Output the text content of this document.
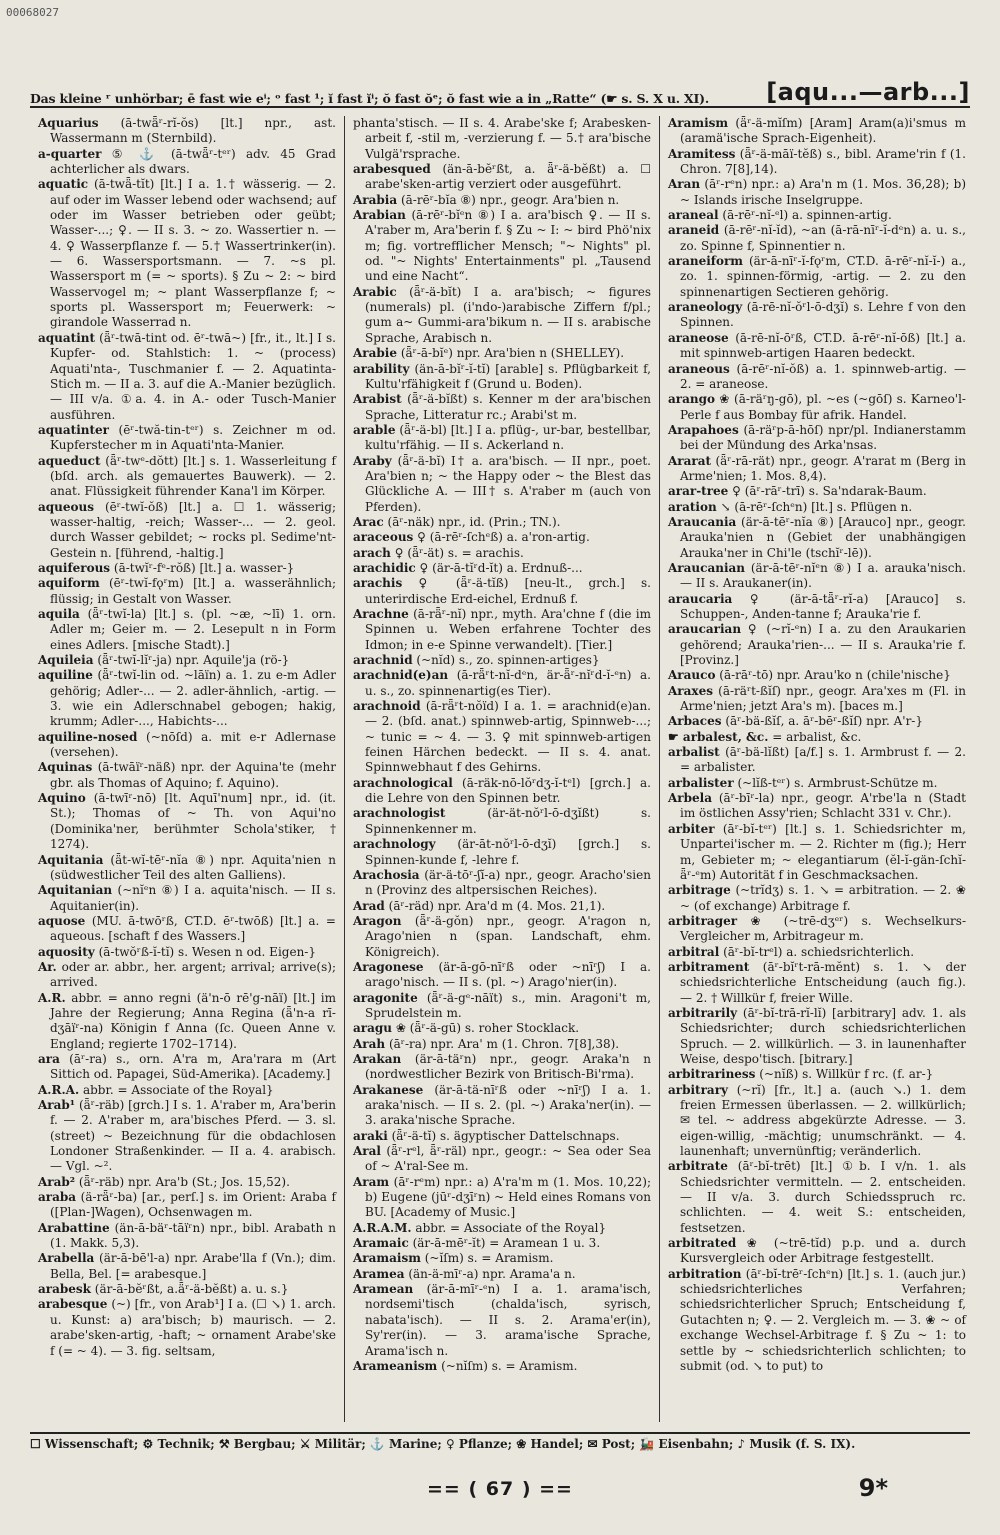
00068027
Das kleine ʳ unhörbar; ē fast wie eⁱ; ᵒ fast ¹; ĭ fast ĭⁱ; ŏ fast ŏᵉ; ŏ fast wie a in „Ratte“ (☛ s. S. X u. XI).	[aqu...—arb...]

Aquarius (ā-twǟʳ-rĭ-ŏs) [lt.] npr., ast. Wassermann m (Sternbild).

a-quarter ⑤ ⚓ (ā-twǟʳ-tᵉʳ) adv. 45 Grad achterlicher als dwars.

aquatic (ā-twǟ-tĭt) [lt.] I a. 1.† wässerig. — 2. auf oder im Wasser lebend oder wachsend; auf oder im Wasser betrieben oder geübt; Wasser-...; ♀. — II s. 3. ~ zo. Wassertier n. — 4. ♀ Wasserpflanze f. — 5.† Wassertrinker(in). — 6. Wassersportsmann. — 7. ~s pl. Wassersport m (= ~ sports). § Zu ~ 2: ~ bird Wasservogel m; ~ plant Wasserpflanze f; ~ sports pl. Wassersport m; Feuerwerk: ~ girandole Wasserrad n.

aquatint (ǟʳ-twā-tint od. ēʳ-twā~) [fr., it., lt.] I s. Kupfer- od. Stahlstich: 1. ~ (process) Aquati'nta-, Tuschmanier f. — 2. Aquatinta-Stich m. — II a. 3. auf die A.-Manier bezüglich. — III v/a. ①a. 4. in A.- oder Tusch-Manier ausführen.

aquatinter (ēʳ-twă-tin-tᵉʳ) s. Zeichner m od. Kupferstecher m in Aquati'nta-Manier.

aqueduct (ǟʳ-twᵉ-dŏtt) [lt.] s. 1. Wasserleitung f (bſd. arch. als gemauertes Bauwerk). — 2. anat. Flüssigkeit führender Kana'l im Körper.

aqueous (ēʳ-twĭ-ŏß) [lt.] a. ☐ 1. wässerig; wasser-haltig, -reich; Wasser-... — 2. geol. durch Wasser gebildet; ~ rocks pl. Sedime'nt-Gestein n. [führend, -haltig.]

aquiferous (ā-twĭʳ-fᵉ-rŏß) [lt.] a. wasser-}

aquiform (ēʳ-twĭ-fǫʳm) [lt.] a. wasserähnlich; flüssig; in Gestalt von Wasser.

aquila (ǟʳ-twĭ-la) [lt.] s. (pl. ~æ, ~lī) 1. orn. Adler m; Geier m. — 2. Lesepult n in Form eines Adlers. [mische Stadt).]

Aquileia (ǟʳ-twĭ-lĭʳ-ja) npr. Aquile'ja (rö-}

aquiline (ǟʳ-twĭ-lin od. ~lāïn) a. 1. zu e-m Adler gehörig; Adler-... — 2. adler-ähnlich, -artig. — 3. wie ein Adlerschnabel gebogen; hakig, krumm; Adler-..., Habichts-...

aquiline-nosed (~nōſd) a. mit e-r Adlernase (versehen).

Aquinas (ā-twāïʳ-näß) npr. der Aquina'te (mehr gbr. als Thomas of Aquino; f. Aquino).

Aquino (ā-twīʳ-nō) [lt. Aquī'num] npr., id. (it. St.); Thomas of ~ Th. von Aqui'no (Dominika'ner, berühmter Schola'stiker, † 1274).

Aquitania (ǟt-wĭ-tēʳ-nĭa ⑧) npr. Aquita'nien n (südwestlicher Teil des alten Galliens).

Aquitanian (~nĭᵉn ⑧) I a. aquita'nisch. — II s. Aquitanier(in).

aquose (MU. ā-twōʳß, CT.D. ēʳ-twōß) [lt.] a. = aqueous. [schaft f des Wassers.]

aquosity (ā-twŏʳß-ĭ-tĭ) s. Wesen n od. Eigen-}

Ar. oder ar. abbr., her. argent; arrival; arrive(s); arrived.

A.R. abbr. = anno regni (ä'n-ō rē'g-nāï) [lt.] im Jahre der Regierung; Anna Regina (ǟ'n-a rī-dʒāïʳ-na) Königin f Anna (ſc. Queen Anne v. England; regierte 1702–1714).

ara (āʳ-ra) s., orn. A'ra m, Ara'rara m (Art Sittich od. Papagei, Süd-Amerika). [Academy.]

A.R.A. abbr. = Associate of the Royal}

Arab¹ (ǟʳ-räb) [grch.] I s. 1. A'raber m, Ara'berin f. — 2. A'raber m, ara'bisches Pferd. — 3. sl. (street) ~ Bezeichnung für die obdachlosen Londoner Straßenkinder. — II a. 4. arabisch. — Vgl. ~².

Arab² (ǟʳ-räb) npr. Ara'b (St.; Jos. 15,52).

araba (ä-rǟʳ-ba) [ar., perſ.] s. im Orient: Araba f ([Plan-]Wagen), Ochsenwagen m.

Arabattine (än-ā-bäʳ-tāïʳn) npr., bibl. Arabath n (1. Makk. 5,3).

Arabella (är-ā-bē'l-a) npr. Arabe'lla f (Vn.); dim. Bella, Bel. [= arabesque.]

arabesk (är-ā-bĕʳßt, a.ǟʳ-ä-bĕßt) a. u. s.}

arabesque (~) [fr., von Arab¹] I a. (☐ ↘) 1. arch. u. Kunst: a) ara'bisch; b) maurisch. — 2. arabe'sken-artig, -haft; ~ ornament Arabe'ske f (= ~ 4). — 3. fig. seltsam,

phanta'stisch. — II s. 4. Arabe'ske f; Arabesken-arbeit f, -stil m, -verzierung f. — 5.† ara'bische Vulgä'rsprache.

arabesqued (än-ā-bĕʳßt, a. ǟʳ-ä-bĕßt) a. ☐ arabe'sken-artig verziert oder ausgeführt.

Arabia (ā-rēʳ-bĭa ⑧) npr., geogr. Ara'bien n.

Arabian (ā-rēʳ-bĭᵉn ⑧) I a. ara'bisch ♀. — II s. A'raber m, Ara'berin f. § Zu ~ I: ~ bird Phö'nix m; fig. vortrefflicher Mensch; "~ Nights" pl. od. "~ Nights' Entertainments" pl. „Tausend und eine Nacht“.

Arabic (ǟʳ-ä-bĭt) I a. ara'bisch; ~ figures (numerals) pl. (i'ndo-)arabische Ziffern f/pl.; gum a~ Gummi-ara'bikum n. — II s. arabische Sprache, Arabisch n.

Arabie (ǟʳ-ā-bĭᵉ) npr. Ara'bien n (SHELLEY).

arability (än-ā-bĭʳ-ĭ-tĭ) [arable] s. Pflügbarkeit f, Kultu'rfähigkeit f (Grund u. Boden).

Arabist (ǟʳ-ä-bĭßt) s. Kenner m der ara'bischen Sprache, Litteratur rc.; Arabi'st m.

arable (ǟʳ-ä-bl) [lt.] I a. pflüg-, ur-bar, bestellbar, kultu'rfähig. — II s. Ackerland n.

Araby (ǟʳ-ä-bĭ) I† a. ara'bisch. — II npr., poet. Ara'bien n; ~ the Happy oder ~ the Blest das Glückliche A. — III† s. A'raber m (auch von Pferden).

Arac (āʳ-näk) npr., id. (Prin.; TN.).

araceous ♀ (ā-rēʳ-ſchᵉß) a. a'ron-artig.

arach ♀ (ǟʳ-ät) s. = arachis.

arachidic ♀ (är-ā-tĭʳd-ĭt) a. Erdnuß-...

arachis ♀ (ǟʳ-ä-tĭß) [neu-lt., grch.] s. unterirdische Erd-eichel, Erdnuß f.

Arachne (ā-rǟʳ-nĭ) npr., myth. Ara'chne f (die im Spinnen u. Weben erfahrene Tochter des Idmon; in e-e Spinne verwandelt). [Tier.]

arachnid (~nĭd) s., zo. spinnen-artiges}

arachnid(e)an (ā-rǟʳt-nĭ-dᵉn, är-ǟʳ-nĭʳd-ĭ-ᵉn) a. u. s., zo. spinnenartig(es Tier).

arachnoid (ā-rǟʳt-nŏïd) I a. 1. = arachnid(e)an. — 2. (bſd. anat.) spinnweb-artig, Spinnweb-...; ~ tunic = ~ 4. — 3. ♀ mit spinnweb-artigen feinen Härchen bedeckt. — II s. 4. anat. Spinnwebhaut f des Gehirns.

arachnological (ā-räk-nō-lŏʳdʒ-ĭ-tᵉl) [grch.] a. die Lehre von den Spinnen betr.

arachnologist	(är-ät-nŏʳl-ō-dʒĭßt) s. Spinnenkenner m.

arachnology (är-āt-nŏʳl-ō-dʒĭ) [grch.] s. Spinnen-kunde f, -lehre f.

Arachosia (är-ä-tōʳ-ʃĭ-a) npr., geogr. Aracho'sien n (Provinz des altpersischen Reiches).

Arad (āʳ-räd) npr. Ara'd m (4. Mos. 21,1).

Aragon (ǟʳ-ä-gŏn) npr., geogr. A'ragon n, Arago'nien n (span. Landschaft, ehm. Königreich).

Aragonese (är-ā-gō-nīʳß oder ~nīʳʃ) I a. arago'nisch. — II s. (pl. ~) Arago'nier(in).

aragonite (ǟʳ-ä-gᵉ-nāït) s., min. Aragoni't m, Sprudelstein m.

aragu ❀ (ǟʳ-ä-gū) s. roher Stocklack.

Arah (āʳ-ra) npr. Ara' m (1. Chron. 7[8],38).

Arakan (är-ā-täʳn) npr., geogr. Araka'n n (nordwestlicher Bezirk von Britisch-Bi'rma).

Arakanese (är-ā-tä-nīʳß oder ~nīʳʃ) I a. 1. araka'nisch. — II s. 2. (pl. ~) Araka'ner(in). — 3. araka'nische Sprache.

araki (ǟʳ-ä-tĭ) s. ägyptischer Dattelschnaps.

Aral (ǟʳ-rᵉl, ǟʳ-räl) npr., geogr.: ~ Sea oder Sea of ~ A'ral-See m.

Aram (āʳ-rᵉm) npr.: a) A'ra'm m (1. Mos. 10,22); b) Eugene (jūʳ-dʒīʳn) ~ Held eines Romans von BU. [Academy of Music.]

A.R.A.M. abbr. = Associate of the Royal}

Aramaic (är-ā-mēʳ-ĭt) = Aramean 1 u. 3.

Aramaism (~ĭſm) s. = Aramism.

Aramea (än-ä-mīʳ-a) npr. Arama'a n.

Aramean (är-ā-mīʳ-ᵉn) I a. 1. arama'isch, nordsemi'tisch (chalda'isch, syrisch, nabata'isch). — II s. 2. Arama'er(in), Sy'rer(in). — 3. arama'ische Sprache, Arama'isch n.

Arameanism (~nĭſm) s. = Aramism.

Aramism (ǟʳ-ä-mĭſm) [Aram] Aram(a)i'smus m (aramä'ische Sprach-Eigenheit).

Aramitess (ǟʳ-ä-māï-tĕß) s., bibl. Arame'rin f (1. Chron. 7[8],14).

Aran (āʳ-rᵉn) npr.: a) Ara'n m (1. Mos. 36,28); b) ~ Islands irische Inselgruppe.

araneal (ā-rēʳ-nĭ-ᵉl) a. spinnen-artig.

araneid (ā-rēʳ-nĭ-ĭd), ~an (ā-rā-nīʳ-ĭ-dᵉn) a. u. s., zo. Spinne f, Spinnentier n.

araneiform (är-ā-nīʳ-ĭ-fǫʳm, CT.D. ā-rēʳ-nĭ-ĭ-) a., zo. 1. spinnen-förmig, -artig. — 2. zu den spinnenartigen Sectieren gehörig.

araneology (ā-rē-nĭ-ŏʳl-ō-dʒĭ) s. Lehre f von den Spinnen.

araneose (ā-rē-nĭ-ōʳß, CT.D. ā-rēʳ-nĭ-ōß) [lt.] a. mit spinnweb-artigen Haaren bedeckt.

araneous (ā-rēʳ-nĭ-ŏß) a. 1. spinnweb-artig. — 2. = araneose.

arango ❀ (ā-räʳŋ-gō), pl. ~es (~gōſ) s. Karneo'l-Perle f aus Bombay für afrik. Handel.

Arapahoes (ā-räʳp-ā-hōſ) npr/pl. Indianerstamm bei der Mündung des Arka'nsas.

Ararat (ǟʳ-rā-rät) npr., geogr. A'rarat m (Berg in Arme'nien; 1. Mos. 8,4).

arar-tree ♀ (āʳ-rāʳ-trī) s. Sa'ndarak-Baum.

aration ↘ (ā-rēʳ-ſchᵉn) [lt.] s. Pflügen n.

Araucania (är-ā-tēʳ-nĭa ⑧) [Arauco] npr., geogr. Arauka'nien n (Gebiet der unabhängigen Arauka'ner in Chi'le (tschĭʳ-lē)).

Araucanian (är-ā-tēʳ-nĭᵉn ⑧) I a. arauka'nisch. — II s. Araukaner(in).

araucaria ♀ (är-ā-tǟʳ-rĭ-a) [Arauco] s. Schuppen-, Anden-tanne f; Arauka'rie f.

araucarian ♀ (~rĭ-ᵉn) I a. zu den Araukarien gehörend; Arauka'rien-... — II s. Arauka'rie f. [Provinz.]

Arauco (ā-rāʳ-tō) npr. Arau'ko n (chile'nische}

Araxes (ā-räʳt-ßĭſ) npr., geogr. Ara'xes m (Fl. in Arme'nien; jetzt Ara's m). [baces m.]

Arbaces (āʳ-bä-ßĭſ, a. āʳ-bēʳ-ßĭſ) npr. A'r-}

☛ arbalest, &c. = arbalist, &c.

arbalist (āʳ-bä-lĭßt) [a/f.] s. 1. Armbrust f. — 2. = arbalister.

arbalister (~lĭß-tᵉʳ) s. Armbrust-Schütze m.

Arbela (āʳ-bīʳ-la) npr., geogr. A'rbe'la n (Stadt im östlichen Assy'rien; Schlacht 331 v. Chr.).

arbiter (āʳ-bĭ-tᵉʳ) [lt.] s. 1. Schiedsrichter m, Unpartei'ischer m. — 2. Richter m (fig.); Herr m, Gebieter m; ~ elegantiarum (ĕl-ĭ-gän-ſchĭ-ǟʳ-ᵉm) Autorität f in Geschmacksachen.

arbitrage (~trĭdʒ) s. 1. ↘ = arbitration. — 2. ❀ ~ (of exchange) Arbitrage f.

arbitrager ❀ (~trē-dʒᵉʳ) s. Wechselkurs-Vergleicher m, Arbitrageur m.

arbitral (āʳ-bĭ-trᵉl) a. schiedsrichterlich.

arbitrament (āʳ-bĭʳt-rā-mĕnt) s. 1. ↘ der schiedsrichterliche Entscheidung (auch fig.). — 2. † Willkür f, freier Wille.

arbitrarily (āʳ-bĭ-trā-rĭ-lĭ) [arbitrary] adv. 1. als Schiedsrichter; durch schiedsrichterlichen Spruch. — 2. willkürlich. — 3. in launenhafter Weise, despo'tisch. [bitrary.]

arbitrariness (~nĭß) s. Willkür f rc. (f. ar-}

arbitrary (~rĭ) [fr., lt.] a. (auch ↘.) 1. dem freien Ermessen überlassen. — 2. willkürlich; ✉ tel. ~ address abgekürzte Adresse. — 3. eigen-willig, -mächtig; unumschränkt. — 4. launenhaft; unvernünftig; veränderlich.

arbitrate (āʳ-bĭ-trēt) [lt.] ①b. I v/n. 1. als Schiedsrichter vermitteln. — 2. entscheiden. — II v/a. 3. durch Schiedsspruch rc. schlichten. — 4. weit S.: entscheiden, festsetzen.

arbitrated ❀ (~trē-tĭd) p.p. und a. durch Kursvergleich oder Arbitrage festgestellt.

arbitration (āʳ-bĭ-trēʳ-ſchᵉn) [lt.] s. 1. (auch jur.) schiedsrichterliches Verfahren; schiedsrichterlicher Spruch; Entscheidung f, Gutachten n; ♀. — 2. Vergleich m. — 3. ❀ ~ of exchange Wechsel-Arbitrage f. § Zu ~ 1: to settle by ~ schiedsrichterlich schlichten; to submit (od. ↘ to put) to

☐ Wissenschaft; ⚙ Technik; ⚒ Bergbau; ⚔ Militär; ⚓ Marine; ♀ Pflanze; ❀ Handel; ✉ Post; 🚂 Eisenbahn; ♪ Musik (f. S. IX).
== ( 67 ) ==	9*
